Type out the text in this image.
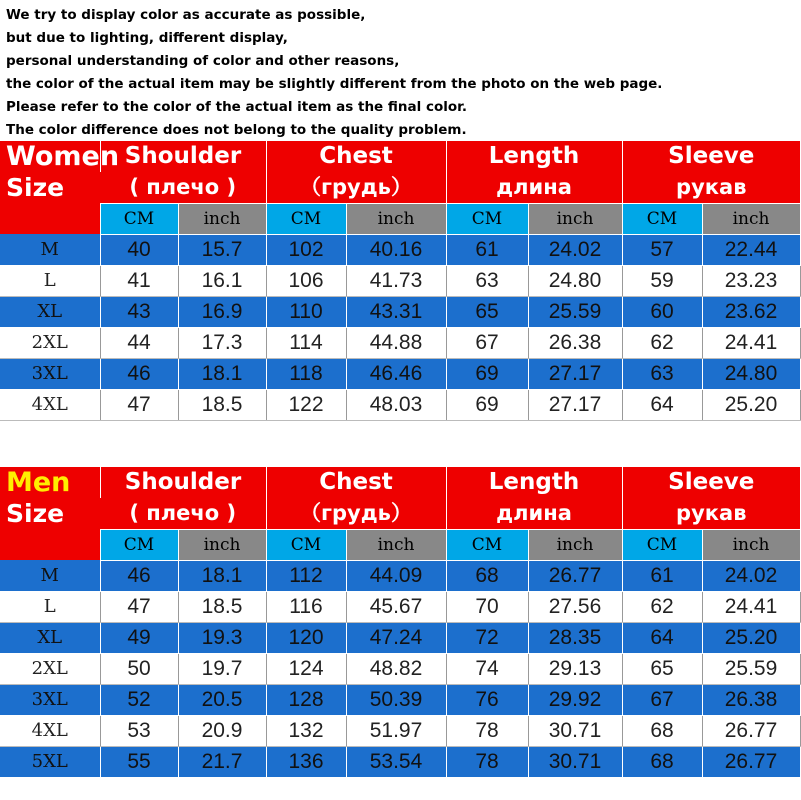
We try to display color as accurate as possible,
but due to lighting, different display,
personal understanding of color and other reasons,
the color of the actual item may be slightly different from the photo on the web page.
Please refer to the color of the actual item as the final color.
The color difference does not belong to the quality problem.
Women
Size	Shoulder		Chest		Length		Sleeve	
	( плечо )		（грудь）		длина		рукав	
	CM	inch	CM	inch	CM	inch	CM	inch
M	40	15.7	102	40.16	61	24.02	57	22.44
L	41	16.1	106	41.73	63	24.80	59	23.23
XL	43	16.9	110	43.31	65	25.59	60	23.62
2XL	44	17.3	114	44.88	67	26.38	62	24.41
3XL	46	18.1	118	46.46	69	27.17	63	24.80
4XL	47	18.5	122	48.03	69	27.17	64	25.20
Men
Size	Shoulder		Chest		Length		Sleeve	
	( плечо )		（грудь）		длина		рукав	
	CM	inch	CM	inch	CM	inch	CM	inch
M	46	18.1	112	44.09	68	26.77	61	24.02
L	47	18.5	116	45.67	70	27.56	62	24.41
XL	49	19.3	120	47.24	72	28.35	64	25.20
2XL	50	19.7	124	48.82	74	29.13	65	25.59
3XL	52	20.5	128	50.39	76	29.92	67	26.38
4XL	53	20.9	132	51.97	78	30.71	68	26.77
5XL	55	21.7	136	53.54	78	30.71	68	26.77
